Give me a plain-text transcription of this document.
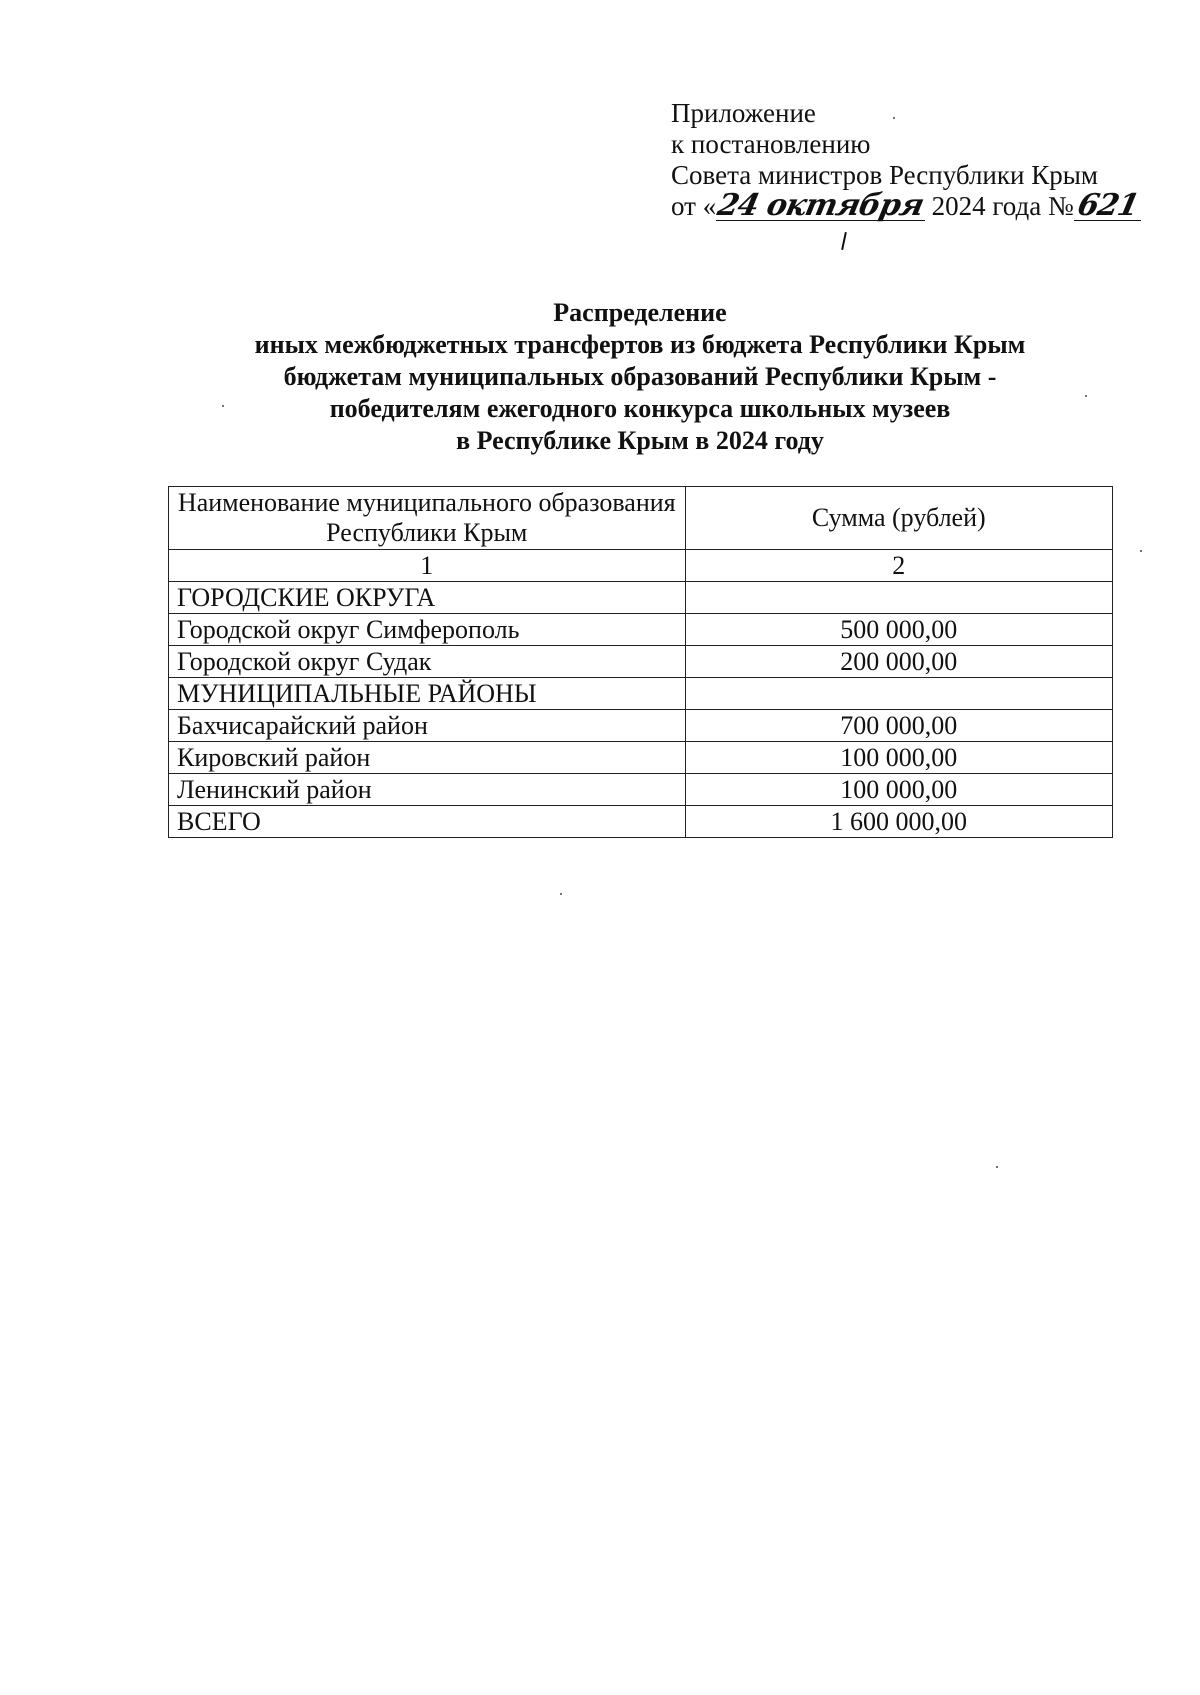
Приложение
к постановлению
Совета министров Республики Крым
от «24 октября 2024 года №621
Распределение
иных межбюджетных трансфертов из бюджета Республики Крым
бюджетам муниципальных образований Республики Крым -
победителям ежегодного конкурса школьных музеев
в Республике Крым в 2024 году
Наименование муниципального образования Республики Крым	Сумма (рублей)
1	2
ГОРОДСКИЕ ОКРУГА	
Городской округ Симферополь	500 000,00
Городской округ Судак	200 000,00
МУНИЦИПАЛЬНЫЕ РАЙОНЫ	
Бахчисарайский район	700 000,00
Кировский район	100 000,00
Ленинский район	100 000,00
ВСЕГО	1 600 000,00
